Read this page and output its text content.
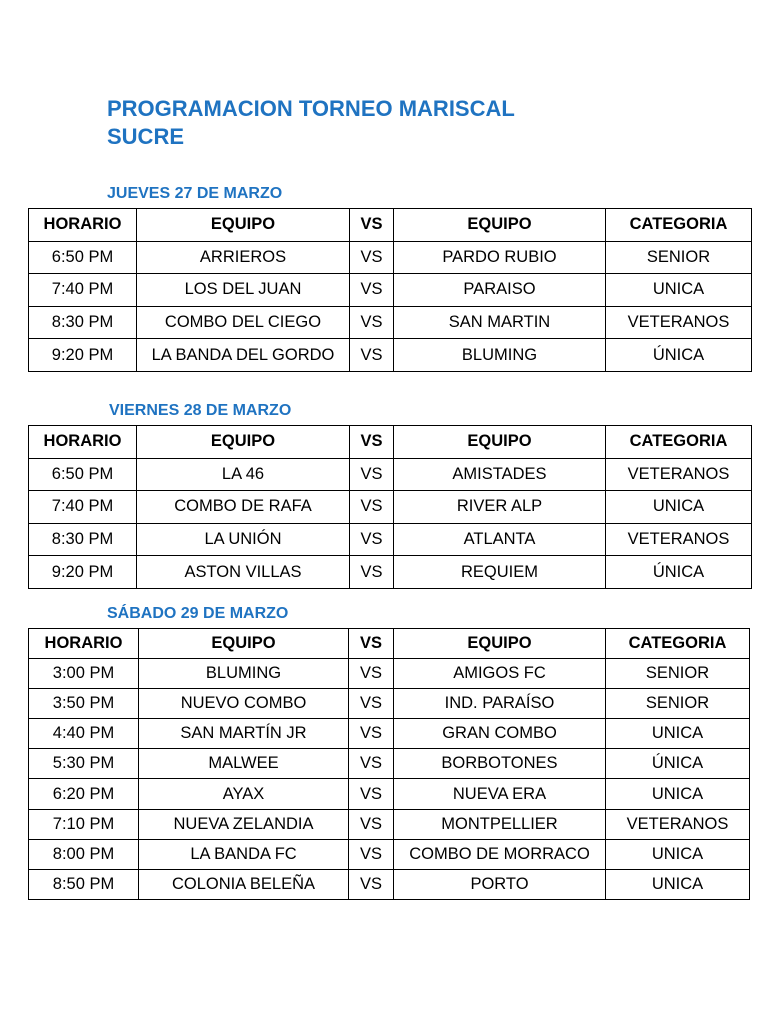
PROGRAMACION TORNEO MARISCAL SUCRE
JUEVES 27 DE MARZO
HORARIO	EQUIPO	VS	EQUIPO	CATEGORIA
6:50 PM	ARRIEROS	VS	PARDO RUBIO	SENIOR
7:40 PM	LOS DEL JUAN	VS	PARAISO	UNICA
8:30 PM	COMBO DEL CIEGO	VS	SAN MARTIN	VETERANOS
9:20 PM	LA BANDA DEL GORDO	VS	BLUMING	ÚNICA
VIERNES 28 DE MARZO
HORARIO	EQUIPO	VS	EQUIPO	CATEGORIA
6:50 PM	LA 46	VS	AMISTADES	VETERANOS
7:40 PM	COMBO DE RAFA	VS	RIVER ALP	UNICA
8:30 PM	LA UNIÓN	VS	ATLANTA	VETERANOS
9:20 PM	ASTON VILLAS	VS	REQUIEM	ÚNICA
SÁBADO 29 DE MARZO
HORARIO	EQUIPO	VS	EQUIPO	CATEGORIA
3:00 PM	BLUMING	VS	AMIGOS FC	SENIOR
3:50 PM	NUEVO COMBO	VS	IND. PARAÍSO	SENIOR
4:40 PM	SAN MARTÍN JR	VS	GRAN COMBO	UNICA
5:30 PM	MALWEE	VS	BORBOTONES	ÚNICA
6:20 PM	AYAX	VS	NUEVA ERA	UNICA
7:10 PM	NUEVA ZELANDIA	VS	MONTPELLIER	VETERANOS
8:00 PM	LA BANDA FC	VS	COMBO DE MORRACO	UNICA
8:50 PM	COLONIA BELEÑA	VS	PORTO	UNICA
